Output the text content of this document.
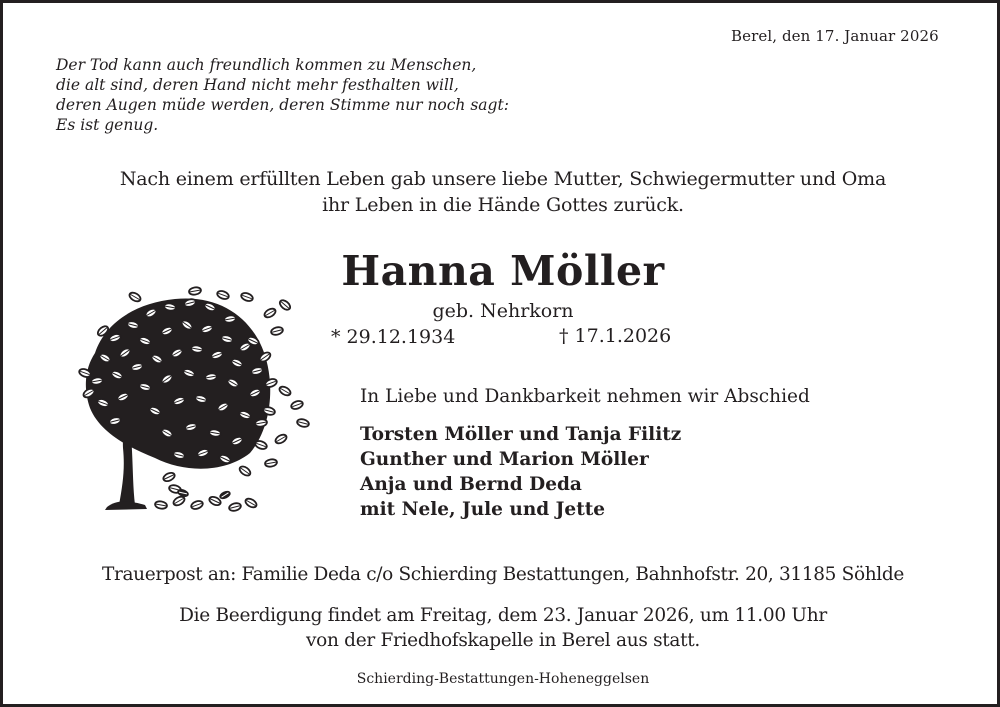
Berel, den 17. Januar 2026
Der Tod kann auch freundlich kommen zu Menschen,
die alt sind, deren Hand nicht mehr festhalten will,
deren Augen müde werden, deren Stimme nur noch sagt:
Es ist genug.
Nach einem erfüllten Leben gab unsere liebe Mutter, Schwiegermutter und Oma
ihr Leben in die Hände Gottes zurück.
Hanna Möller
geb. Nehrkorn
* 29.12.1934	† 17.1.2026
In Liebe und Dankbarkeit nehmen wir Abschied
Torsten Möller und Tanja Filitz
Gunther und Marion Möller
Anja und Bernd Deda
mit Nele, Jule und Jette
Trauerpost an: Familie Deda c/o Schierding Bestattungen, Bahnhofstr. 20, 31185 Söhlde
Die Beerdigung findet am Freitag, dem 23. Januar 2026, um 11.00 Uhr
von der Friedhofskapelle in Berel aus statt.
Schierding-Bestattungen-Hoheneggelsen
